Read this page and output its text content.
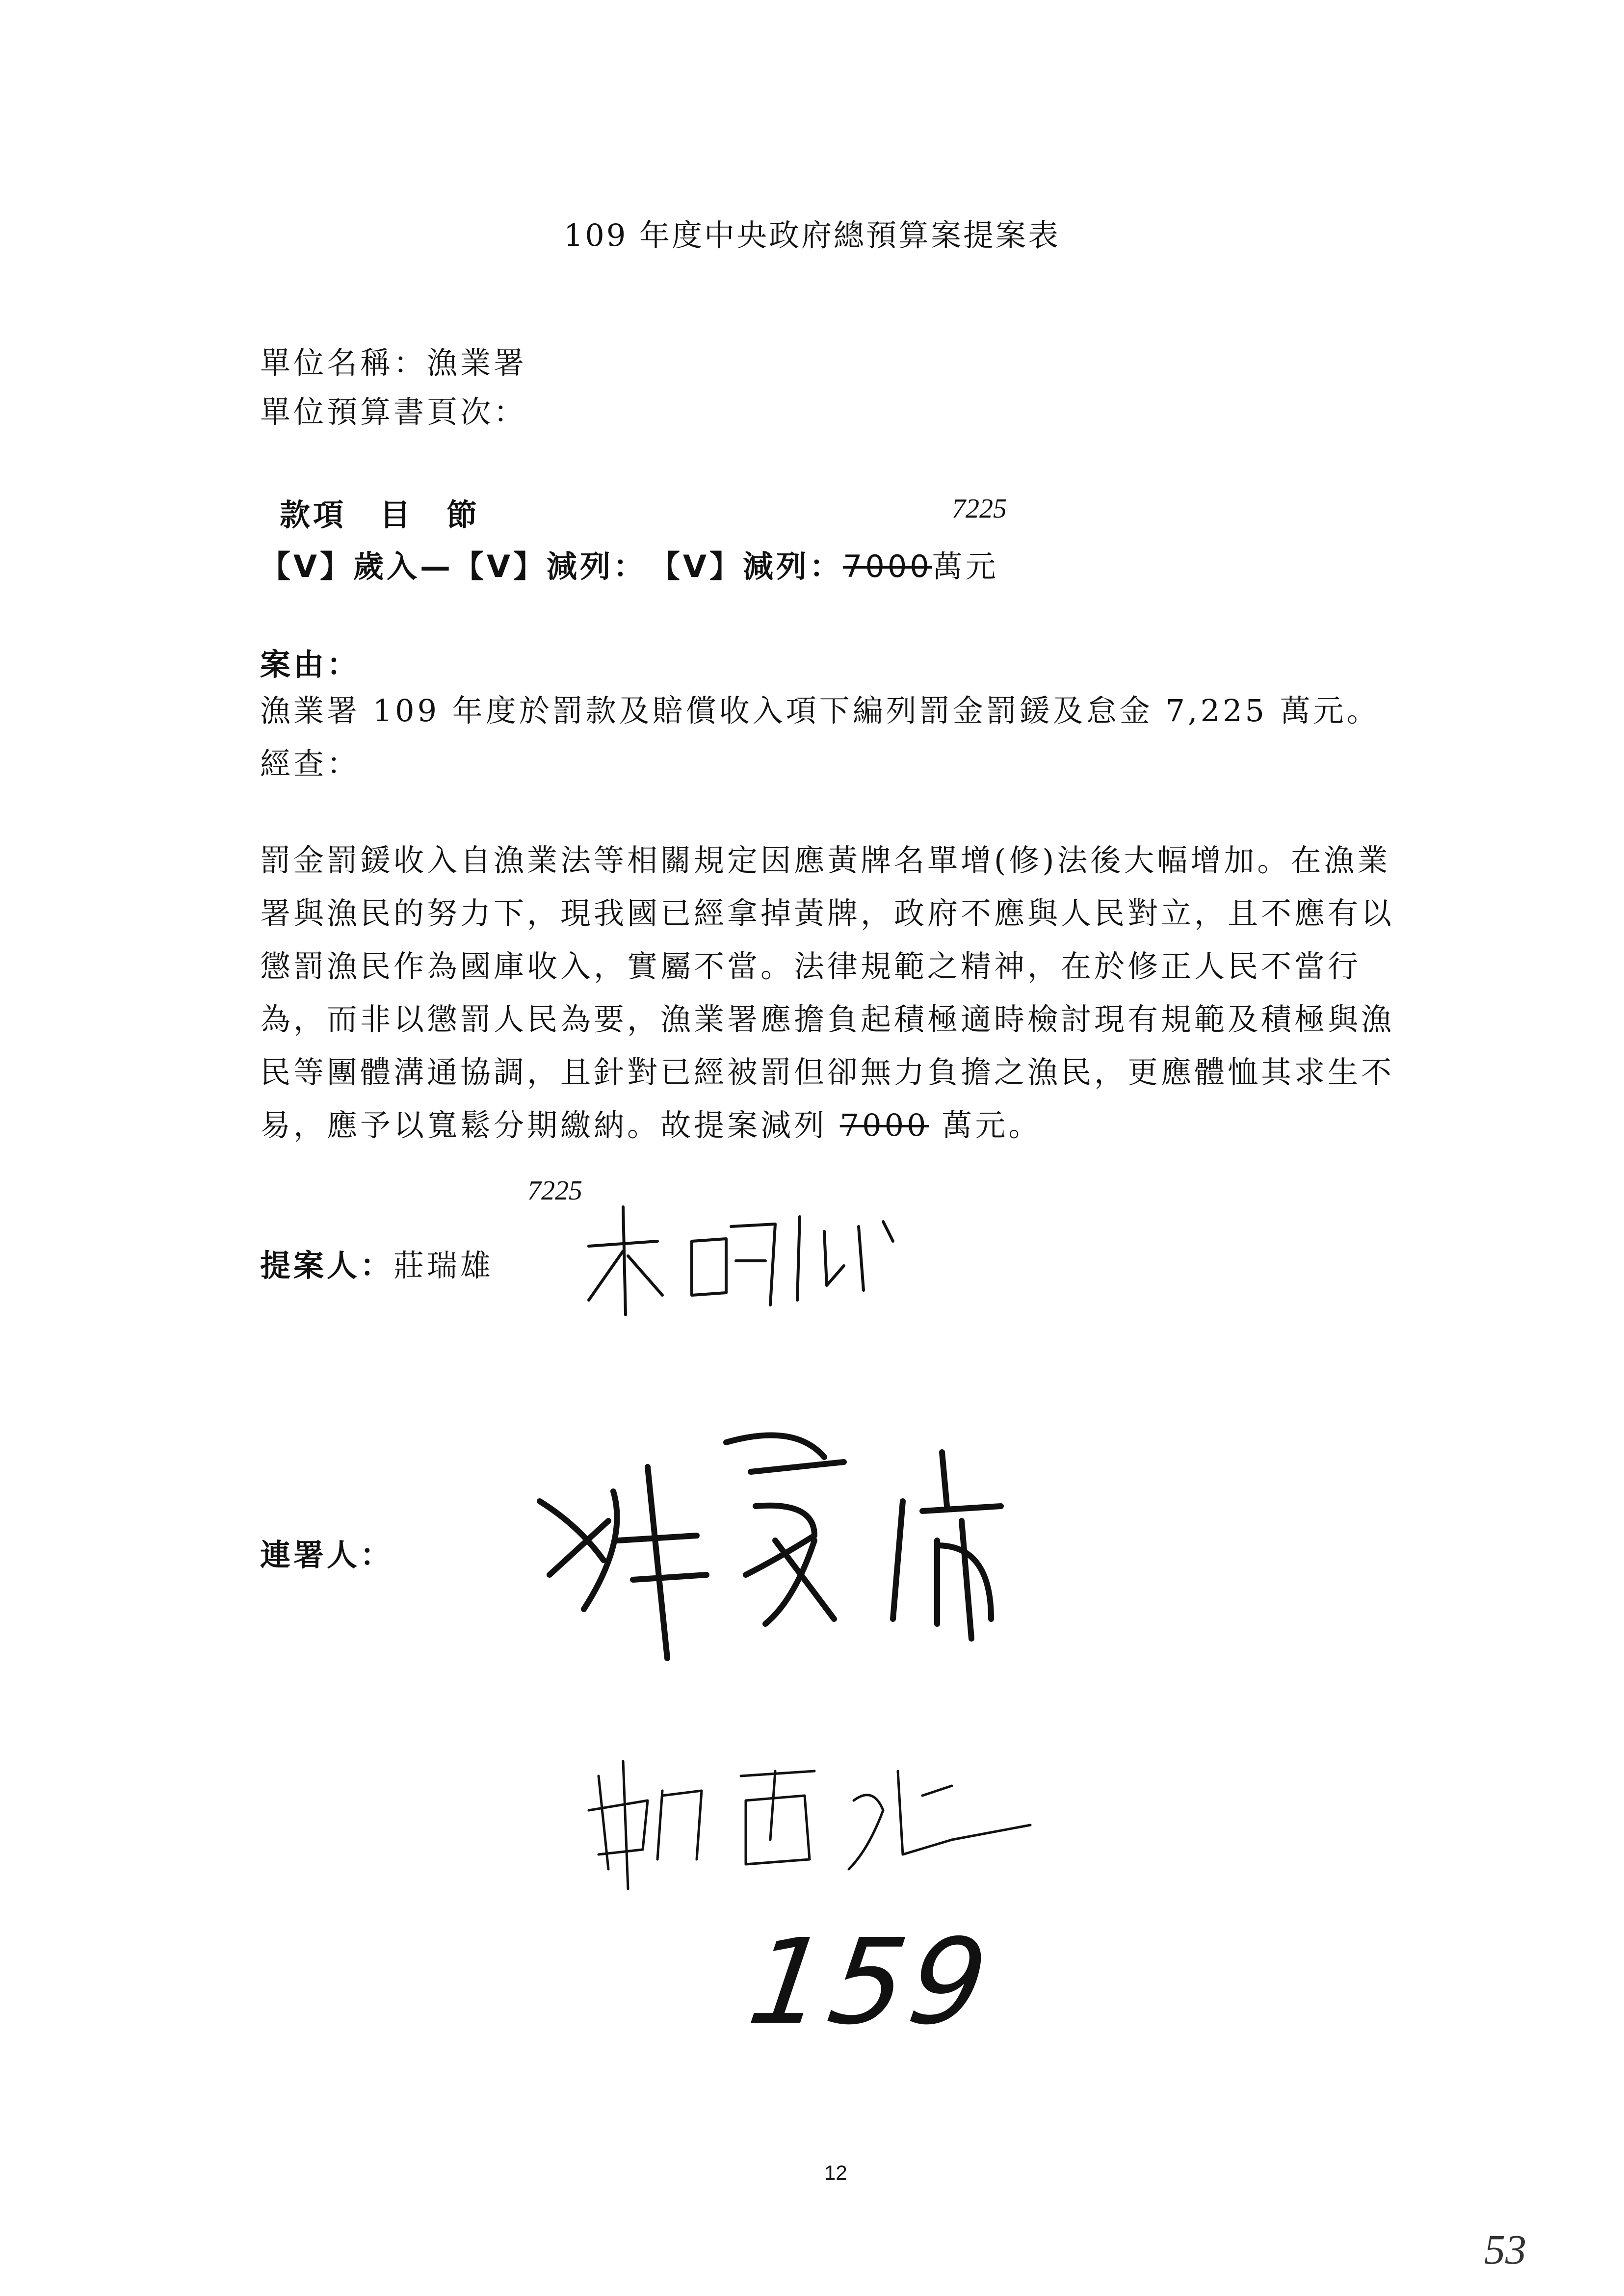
109 年度中央政府總預算案提案表
單位名稱：漁業署
單位預算書頁次：
款項　目　節
【V】歲入—【V】減列：　【V】減列：7000萬元
7225
案由：
漁業署 109 年度於罰款及賠償收入項下編列罰金罰鍰及怠金 7,225 萬元。經查：
罰金罰鍰收入自漁業法等相關規定因應黃牌名單增(修)法後大幅增加。在漁業署與漁民的努力下，現我國已經拿掉黃牌，政府不應與人民對立，且不應有以懲罰漁民作為國庫收入，實屬不當。法律規範之精神，在於修正人民不當行為，而非以懲罰人民為要，漁業署應擔負起積極適時檢討現有規範及積極與漁民等團體溝通協調，且針對已經被罰但卻無力負擔之漁民，更應體恤其求生不易，應予以寬鬆分期繳納。故提案減列 7000 萬元。
7225
提案人：莊瑞雄
連署人：
159
12
53
